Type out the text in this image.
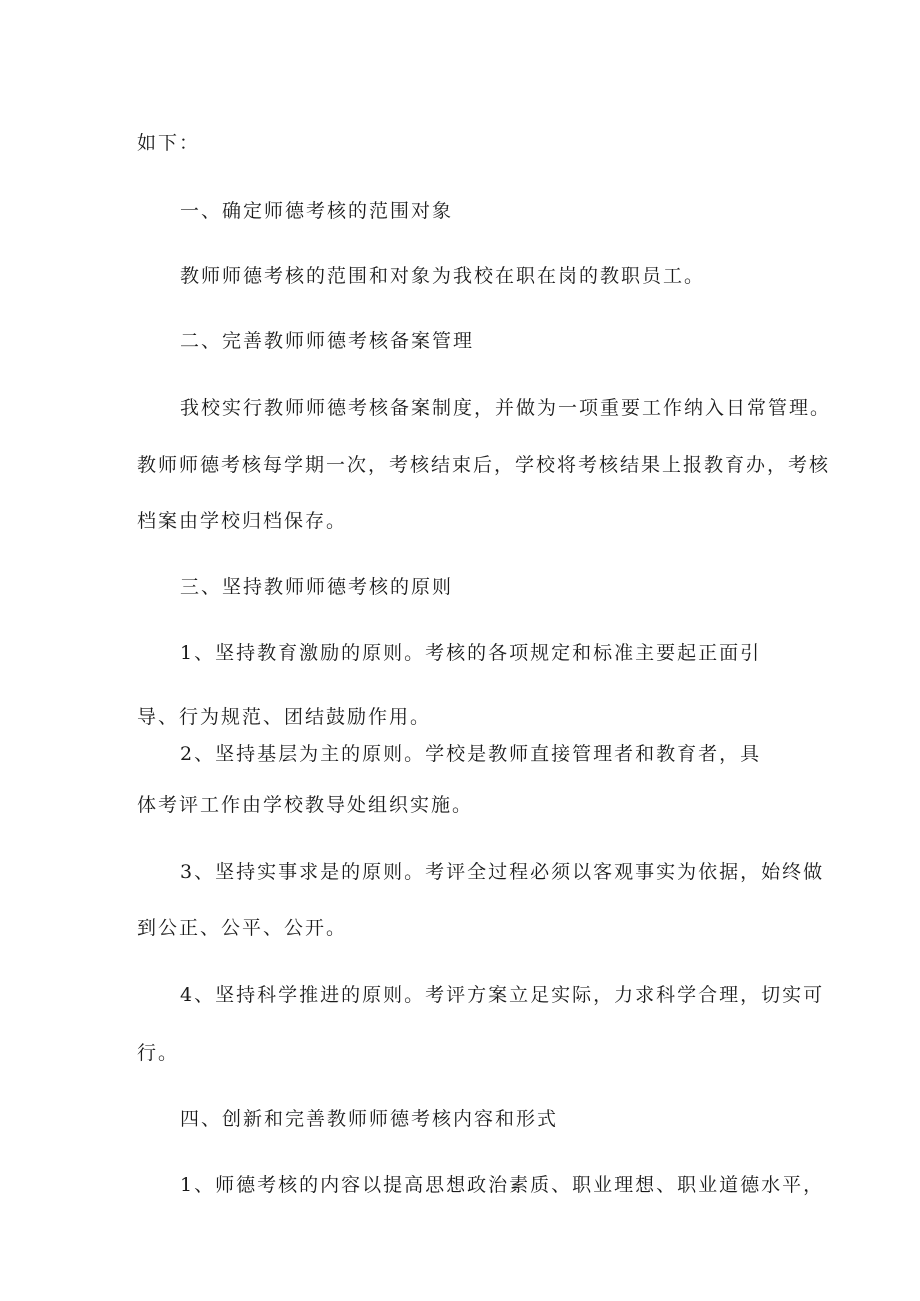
如下：
一、确定师德考核的范围对象
教师师德考核的范围和对象为我校在职在岗的教职员工。
二、完善教师师德考核备案管理
我校实行教师师德考核备案制度，并做为一项重要工作纳入日常管理。
教师师德考核每学期一次，考核结束后，学校将考核结果上报教育办，考核
档案由学校归档保存。
三、坚持教师师德考核的原则
1、坚持教育激励的原则。考核的各项规定和标准主要起正面引
导、行为规范、团结鼓励作用。
2、坚持基层为主的原则。学校是教师直接管理者和教育者，具
体考评工作由学校教导处组织实施。
3、坚持实事求是的原则。考评全过程必须以客观事实为依据，始终做
到公正、公平、公开。
4、坚持科学推进的原则。考评方案立足实际，力求科学合理，切实可
行。
四、创新和完善教师师德考核内容和形式
1、师德考核的内容以提高思想政治素质、职业理想、职业道德水平，
